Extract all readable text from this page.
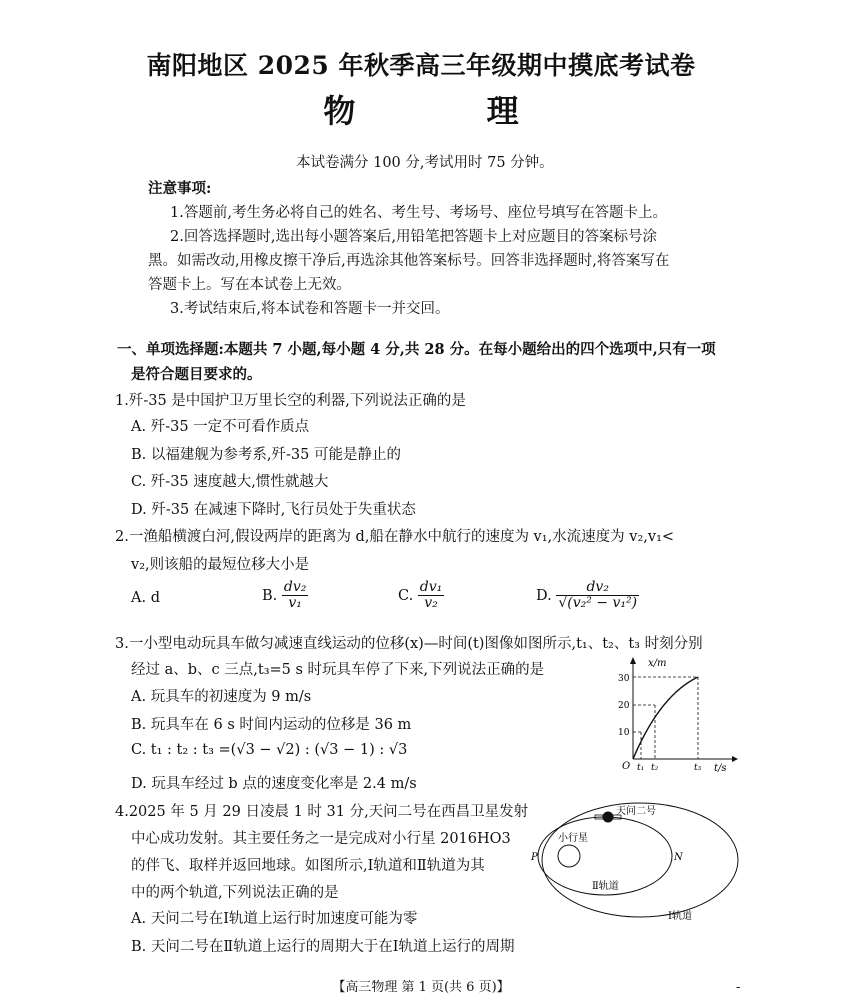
南阳地区 2025 年秋季高三年级期中摸底考试卷
物 理
本试卷满分 100 分,考试用时 75 分钟。
注意事项:
1.答题前,考生务必将自己的姓名、考生号、考场号、座位号填写在答题卡上。
2.回答选择题时,选出每小题答案后,用铅笔把答题卡上对应题目的答案标号涂
黑。如需改动,用橡皮擦干净后,再选涂其他答案标号。回答非选择题时,将答案写在
答题卡上。写在本试卷上无效。
3.考试结束后,将本试卷和答题卡一并交回。
一、单项选择题:本题共 7 小题,每小题 4 分,共 28 分。在每小题给出的四个选项中,只有一项
是符合题目要求的。
1.歼-35 是中国护卫万里长空的利器,下列说法正确的是
A. 歼-35 一定不可看作质点
B. 以福建舰为参考系,歼-35 可能是静止的
C. 歼-35 速度越大,惯性就越大
D. 歼-35 在减速下降时,飞行员处于失重状态
2.一渔船横渡白河,假设两岸的距离为 d,船在静水中航行的速度为 v₁,水流速度为 v₂,v₁<
v₂,则该船的最短位移大小是
A. d	B. $\frac{\text{dv₂}}{\text{v₁}}$	C. $\frac{\text{dv₁}}{\text{v₂}}$	D. $\frac{\text{dv₂}}{\text{√(v₂² − v₁²)}}$
3.一小型电动玩具车做匀减速直线运动的位移(x)—时间(t)图像如图所示,t₁、t₂、t₃ 时刻分别
经过 a、b、c 三点,t₃=5 s 时玩具车停了下来,下列说法正确的是
A. 玩具车的初速度为 9 m/s
B. 玩具车在 6 s 时间内运动的位移是 36 m
C. t₁ : t₂ : t₃ =(√3 − √2) : (√3 − 1) : √3
D. 玩具车经过 b 点的速度变化率是 2.4 m/s
x/m
t/s
O
30
20
10
t₁ t₂	t₃
4.2025 年 5 月 29 日凌晨 1 时 31 分,天问二号在西昌卫星发射
中心成功发射。其主要任务之一是完成对小行星 2016HO3
的伴飞、取样并返回地球。如图所示,Ⅰ轨道和Ⅱ轨道为其
中的两个轨道,下列说法正确的是
A. 天问二号在Ⅰ轨道上运行时加速度可能为零
B. 天问二号在Ⅱ轨道上运行的周期大于在Ⅰ轨道上运行的周期
天问二号
小行星
P	N
Ⅱ轨道
Ⅰ轨道
【高三物理 第 1 页(共 6 页)】	-
